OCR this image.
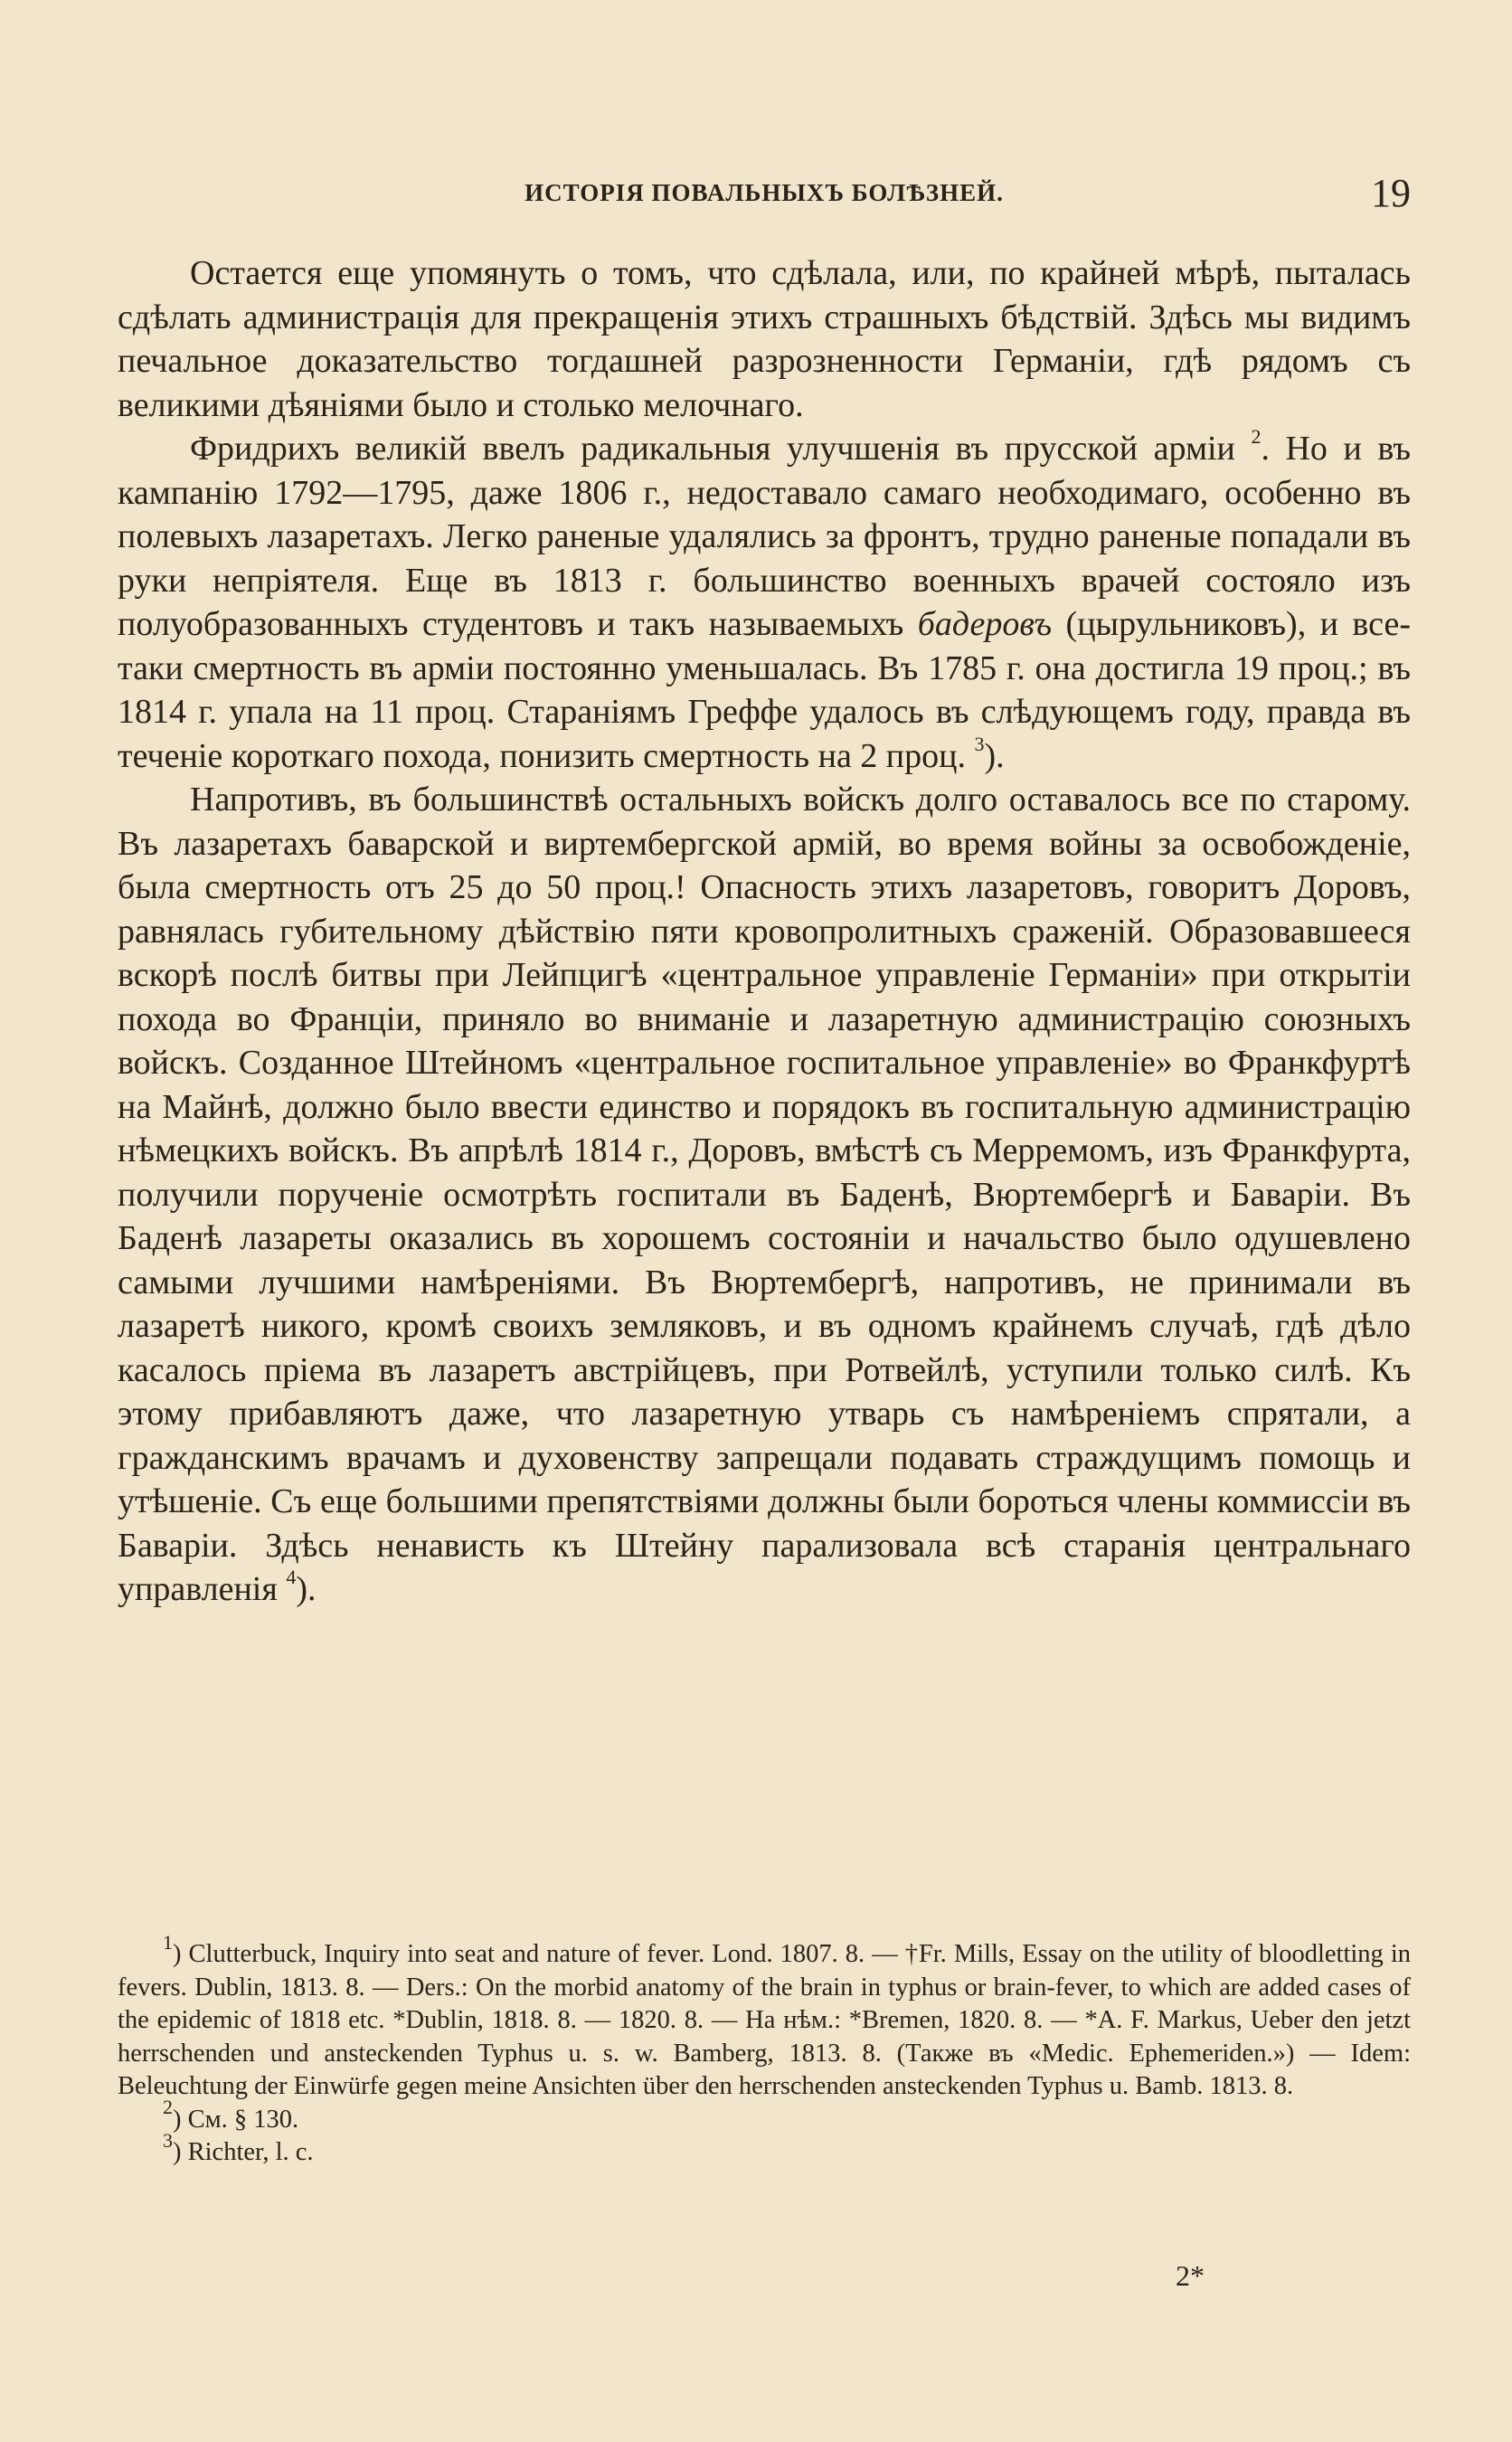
ИСТОРІЯ ПОВАЛЬНЫХЪ БОЛѢЗНЕЙ.	19

Остается еще упомянуть о томъ, что сдѣлала, или, по крайней мѣрѣ, пыталась сдѣлать администрація для прекращенія этихъ страшныхъ бѣдствій. Здѣсь мы видимъ печальное доказательство тогдашней разрозненности Германіи, гдѣ рядомъ съ великими дѣяніями было и столько мелочнаго.

Фридрихъ великій ввелъ радикальныя улучшенія въ прусской арміи $^2$. Но и въ кампанію 1792—1795, даже 1806 г., недоставало самаго необходимаго, особенно въ полевыхъ лазаретахъ. Легко раненые удалялись за фронтъ, трудно раненые попадали въ руки непріятеля. Еще въ 1813 г. большинство военныхъ врачей состояло изъ полуобразованныхъ студентовъ и такъ называемыхъ бадеровъ (цырульниковъ), и все-таки смертность въ арміи постоянно уменьшалась. Въ 1785 г. она достигла 19 проц.; въ 1814 г. упала на 11 проц. Стараніямъ Греффе удалось въ слѣдующемъ году, правда въ теченіе короткаго похода, понизить смертность на 2 проц. $^3$).

Напротивъ, въ большинствѣ остальныхъ войскъ долго оставалось все по старому. Въ лазаретахъ баварской и виртембергской армій, во время войны за освобожденіе, была смертность отъ 25 до 50 проц.! Опасность этихъ лазаретовъ, говоритъ Доровъ, равнялась губительному дѣйствію пяти кровопролитныхъ сраженій. Образовавшееся вскорѣ послѣ битвы при Лейпцигѣ «центральное управленіе Германіи» при открытіи похода во Франціи, приняло во вниманіе и лазаретную администрацію союзныхъ войскъ. Созданное Штейномъ «центральное госпитальное управленіе» во Франкфуртѣ на Майнѣ, должно было ввести единство и порядокъ въ госпитальную администрацію нѣмецкихъ войскъ. Въ апрѣлѣ 1814 г., Доровъ, вмѣстѣ съ Мерремомъ, изъ Франкфурта, получили порученіе осмотрѣть госпитали въ Баденѣ, Вюртембергѣ и Баваріи. Въ Баденѣ лазареты оказались въ хорошемъ состояніи и начальство было одушевлено самыми лучшими намѣреніями. Въ Вюртембергѣ, напротивъ, не принимали въ лазаретѣ никого, кромѣ своихъ земляковъ, и въ одномъ крайнемъ случаѣ, гдѣ дѣло касалось пріема въ лазаретъ австрійцевъ, при Ротвейлѣ, уступили только силѣ. Къ этому прибавляютъ даже, что лазаретную утварь съ намѣреніемъ спрятали, а гражданскимъ врачамъ и духовенству запрещали подавать страждущимъ помощь и утѣшеніе. Съ еще большими препятствіями должны были бороться члены коммиссіи въ Баваріи. Здѣсь ненависть къ Штейну парализовала всѣ старанія центральнаго управленія $^4$).

$^1$) Clutterbuck, Inquiry into seat and nature of fever. Lond. 1807. 8. — †Fr. Mills, Essay on the utility of bloodletting in fevers. Dublin, 1813. 8. — Ders.: On the morbid anatomy of the brain in typhus or brain-fever, to which are added cases of the epidemic of 1818 etc. *Dublin, 1818. 8. — 1820. 8. — На нѣм.: *Bremen, 1820. 8. — *A. F. Markus, Ueber den jetzt herrschenden und ansteckenden Typhus u. s. w. Bamberg, 1813. 8. (Также въ «Medic. Ephemeriden.») — Idem: Beleuchtung der Einwürfe gegen meine Ansichten über den herrschenden ansteckenden Typhus u. Bamb. 1813. 8.

$^2$) См. § 130.

$^3$) Richter, l. c.

2*
